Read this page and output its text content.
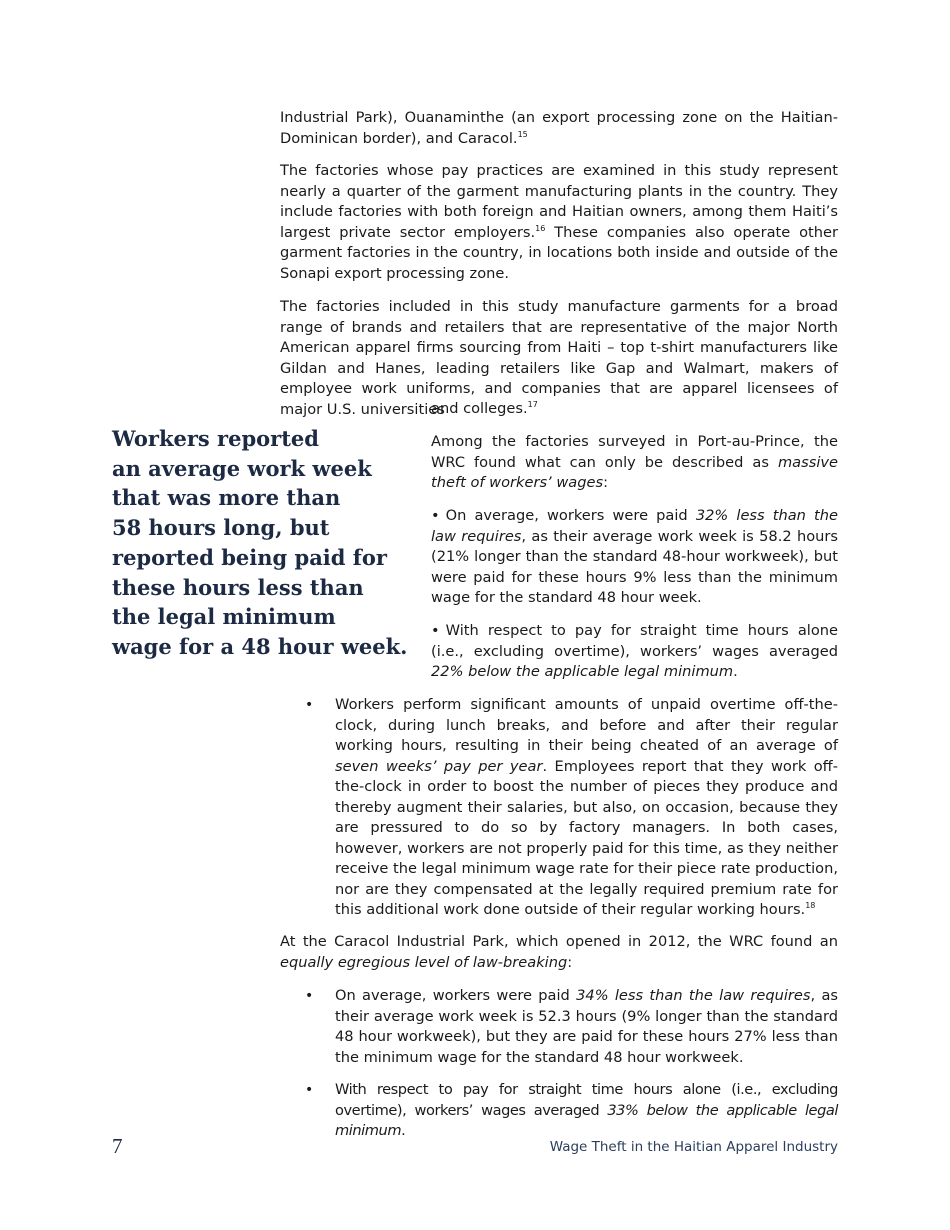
Industrial Park), Ouanaminthe (an export processing zone on the Haitian-Dominican border), and Caracol.$^{15}$

The factories whose pay practices are examined in this study represent nearly a quarter of the garment manufacturing plants in the country. They include factories with both foreign and Haitian owners, among them Haiti’s largest private sector employers.$^{16}$ These companies also operate other garment factories in the country, in locations both inside and outside of the Sonapi export processing zone.

The factories included in this study manufacture garments for a broad range of brands and retailers that are representative of the major North American apparel firms sourcing from Haiti – top t-shirt manufacturers like Gildan and Hanes, leading retailers like Gap and Walmart, makers of employee work uniforms, and companies that are apparel licensees of major U.S. universities

and colleges.$^{17}$

Workers reported
an average work week
that was more than
58 hours long, but
reported being paid for
these hours less than
the legal minimum
wage for a 48 hour week.

Among the factories surveyed in Port-au-Prince, the WRC found what can only be described as massive theft of workers’ wages:

• On average, workers were paid 32% less than the law requires, as their average work week is 58.2 hours (21% longer than the standard 48-hour workweek), but were paid for these hours 9% less than the minimum wage for the standard 48 hour week.

• With respect to pay for straight time hours alone (i.e., excluding overtime), workers’ wages averaged 22% below the applicable legal minimum.

• Workers perform significant amounts of unpaid overtime off-the-clock, during lunch breaks, and before and after their regular working hours, resulting in their being cheated of an average of seven weeks’ pay per year. Employees report that they work off-the-clock in order to boost the number of pieces they produce and thereby augment their salaries, but also, on occasion, because they are pressured to do so by factory managers. In both cases, however, workers are not properly paid for this time, as they neither receive the legal minimum wage rate for their piece rate production, nor are they compensated at the legally required premium rate for this additional work done outside of their regular working hours.$^{18}$

At the Caracol Industrial Park, which opened in 2012, the WRC found an equally egregious level of law-breaking:

• On average, workers were paid 34% less than the law requires, as their average work week is 52.3 hours (9% longer than the standard 48 hour workweek), but they are paid for these hours 27% less than the minimum wage for the standard 48 hour workweek.

• With respect to pay for straight time hours alone (i.e., excluding overtime), workers’ wages averaged 33% below the applicable legal minimum.

7	Wage Theft in the Haitian Apparel Industry
